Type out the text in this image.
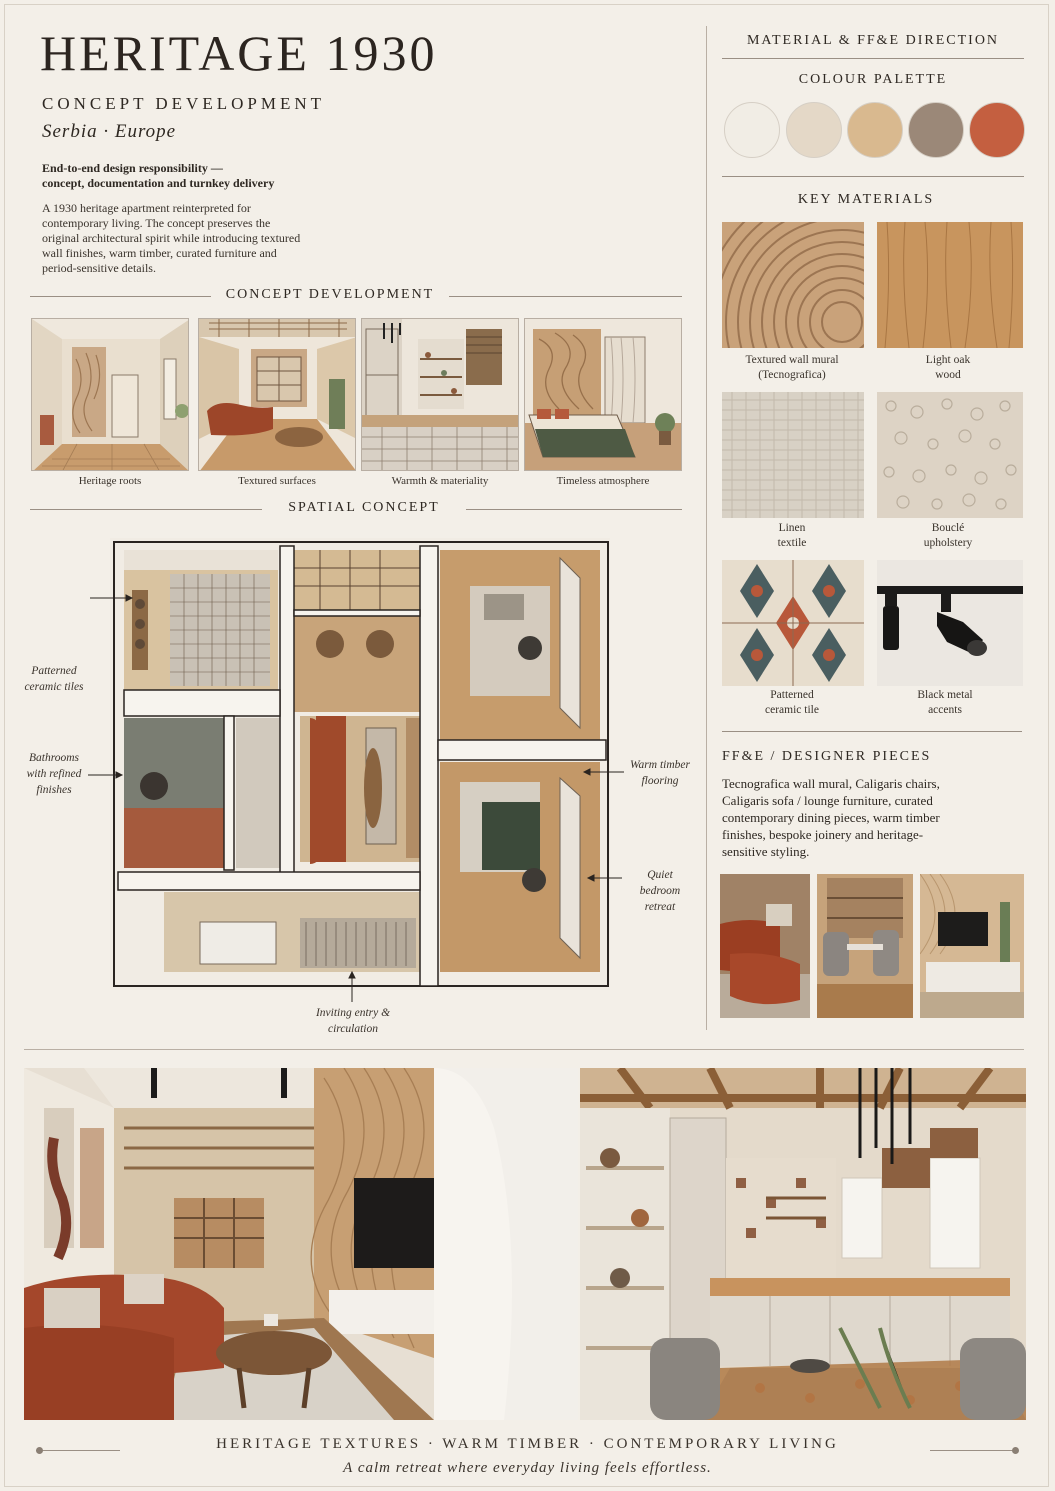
HERITAGE 1930
CONCEPT DEVELOPMENT
Serbia · Europe
End-to-end design responsibility —
concept, documentation and turnkey delivery
A 1930 heritage apartment reinterpreted for
contemporary living. The concept preserves the
original architectural spirit while introducing textured
wall finishes, warm timber, curated furniture and
period-sensitive details.
CONCEPT DEVELOPMENT
Heritage roots	Textured surfaces	Warmth & materiality	Timeless atmosphere
SPATIAL CONCEPT
Patterned
ceramic tiles
Bathrooms
with refined
finishes
Warm timber
flooring
Quiet
bedroom
retreat
Inviting entry &
circulation
MATERIAL & FF&E DIRECTION
COLOUR PALETTE
KEY MATERIALS
Textured wall mural
(Tecnografica)
Light oak
wood
Linen
textile
Bouclé
upholstery
Patterned
ceramic tile
Black metal
accents
FF&E / DESIGNER PIECES
Tecnografica wall mural, Caligaris chairs,
Caligaris sofa / lounge furniture, curated
contemporary dining pieces, warm timber
finishes, bespoke joinery and heritage-
sensitive styling.
HERITAGE TEXTURES · WARM TIMBER · CONTEMPORARY LIVING
A calm retreat where everyday living feels effortless.
